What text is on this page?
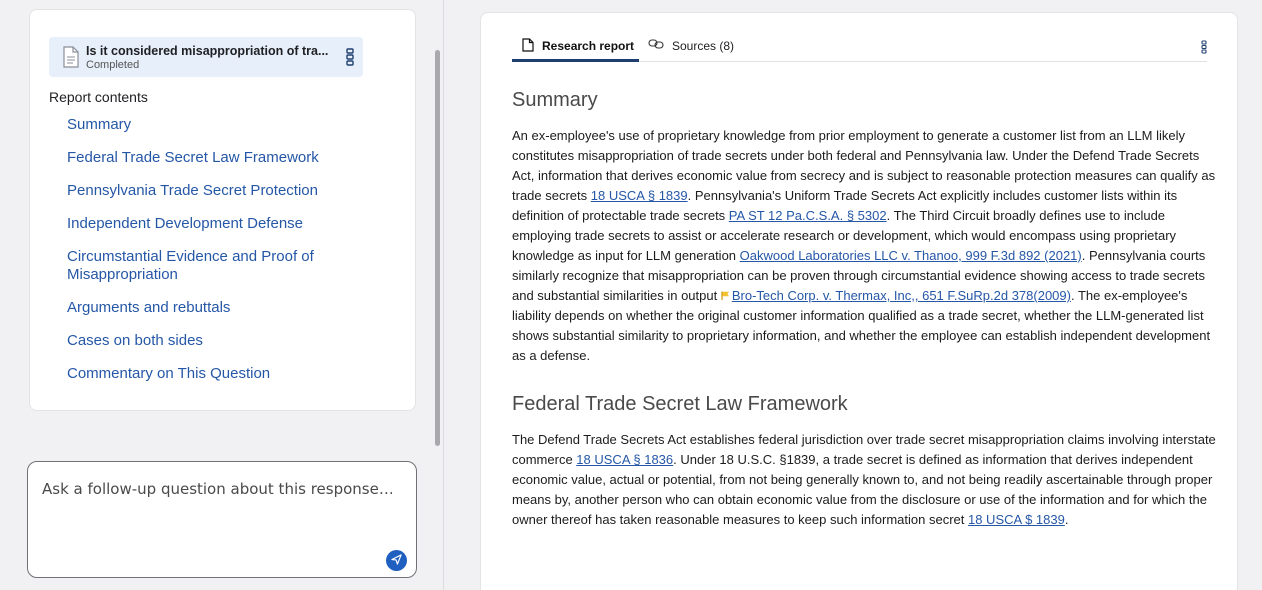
Is it considered misappropriation of tra...
Completed
Report contents
Summary
Federal Trade Secret Law Framework
Pennsylvania Trade Secret Protection
Independent Development Defense
Circumstantial Evidence and Proof of Misappropriation
Arguments and rebuttals
Cases on both sides
Commentary on This Question
Ask a follow-up question about this response…
Research report	Sources (8)
Summary

An ex-employee's use of proprietary knowledge from prior employment to generate a customer list from an LLM likely constitutes misappropriation of trade secrets under both federal and Pennsylvania law. Under the Defend Trade Secrets Act, information that derives economic value from secrecy and is subject to reasonable protection measures can qualify as trade secrets 18 USCA § 1839. Pennsylvania's Uniform Trade Secrets Act explicitly includes customer lists within its definition of protectable trade secrets PA ST 12 Pa.C.S.A. § 5302. The Third Circuit broadly defines use to include employing trade secrets to assist or accelerate research or development, which would encompass using proprietary knowledge as input for LLM generation Oakwood Laboratories LLC v. Thanoo, 999 F.3d 892 (2021). Pennsylvania courts similarly recognize that misappropriation can be proven through circumstantial evidence showing access to trade secrets and substantial similarities in output Bro-Tech Corp. v. Thermax, Inc,, 651 F.SuRp.2d 378(2009). The ex-employee's liability depends on whether the original customer information qualified as a trade secret, whether the LLM-generated list shows substantial similarity to proprietary information, and whether the employee can establish independent development as a defense.

Federal Trade Secret Law Framework

The Defend Trade Secrets Act establishes federal jurisdiction over trade secret misappropriation claims involving interstate commerce 18 USCA § 1836. Under 18 U.S.C. §1839, a trade secret is defined as information that derives independent economic value, actual or potential, from not being generally known to, and not being readily ascertainable through proper means by, another person who can obtain economic value from the disclosure or use of the information and for which the owner thereof has taken reasonable measures to keep such information secret 18 USCA $ 1839.
